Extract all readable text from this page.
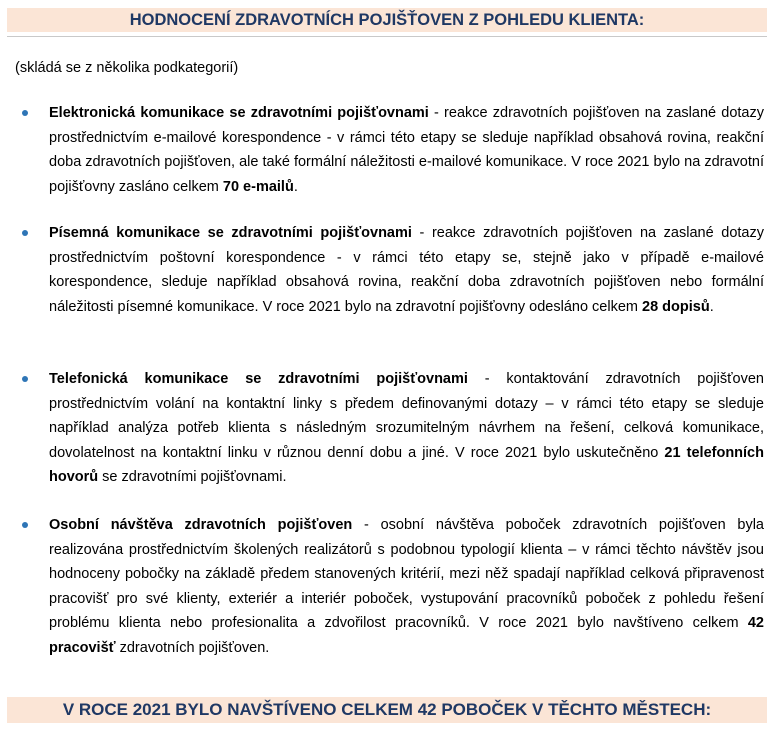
HODNOCENÍ ZDRAVOTNÍCH POJIŠŤOVEN Z POHLEDU KLIENTA:
(skládá se z několika podkategorií)
Elektronická komunikace se zdravotními pojišťovnami - reakce zdravotních pojišťoven na zaslané dotazy prostřednictvím e-mailové korespondence - v rámci této etapy se sleduje například obsahová rovina, reakční doba zdravotních pojišťoven, ale také formální náležitosti e-mailové komunikace. V roce 2021 bylo na zdravotní pojišťovny zasláno celkem 70 e-mailů.
Písemná komunikace se zdravotními pojišťovnami - reakce zdravotních pojišťoven na zaslané dotazy prostřednictvím poštovní korespondence - v rámci této etapy se, stejně jako v případě e-mailové korespondence, sleduje například obsahová rovina, reakční doba zdravotních pojišťoven nebo formální náležitosti písemné komunikace. V roce 2021 bylo na zdravotní pojišťovny odesláno celkem 28 dopisů.
Telefonická komunikace se zdravotními pojišťovnami - kontaktování zdravotních pojišťoven prostřednictvím volání na kontaktní linky s předem definovanými dotazy – v rámci této etapy se sleduje například analýza potřeb klienta s následným srozumitelným návrhem na řešení, celková komunikace, dovolatelnost na kontaktní linku v různou denní dobu a jiné. V roce 2021 bylo uskutečněno 21 telefonních hovorů se zdravotními pojišťovnami.
Osobní návštěva zdravotních pojišťoven - osobní návštěva poboček zdravotních pojišťoven byla realizována prostřednictvím školených realizátorů s podobnou typologií klienta – v rámci těchto návštěv jsou hodnoceny pobočky na základě předem stanovených kritérií, mezi něž spadají například celková připravenost pracovišť pro své klienty, exteriér a interiér poboček, vystupování pracovníků poboček z pohledu řešení problému klienta nebo profesionalita a zdvořilost pracovníků. V roce 2021 bylo navštíveno celkem 42 pracovišť zdravotních pojišťoven.
V ROCE 2021 BYLO NAVŠTÍVENO CELKEM 42 POBOČEK V TĚCHTO MĚSTECH:
